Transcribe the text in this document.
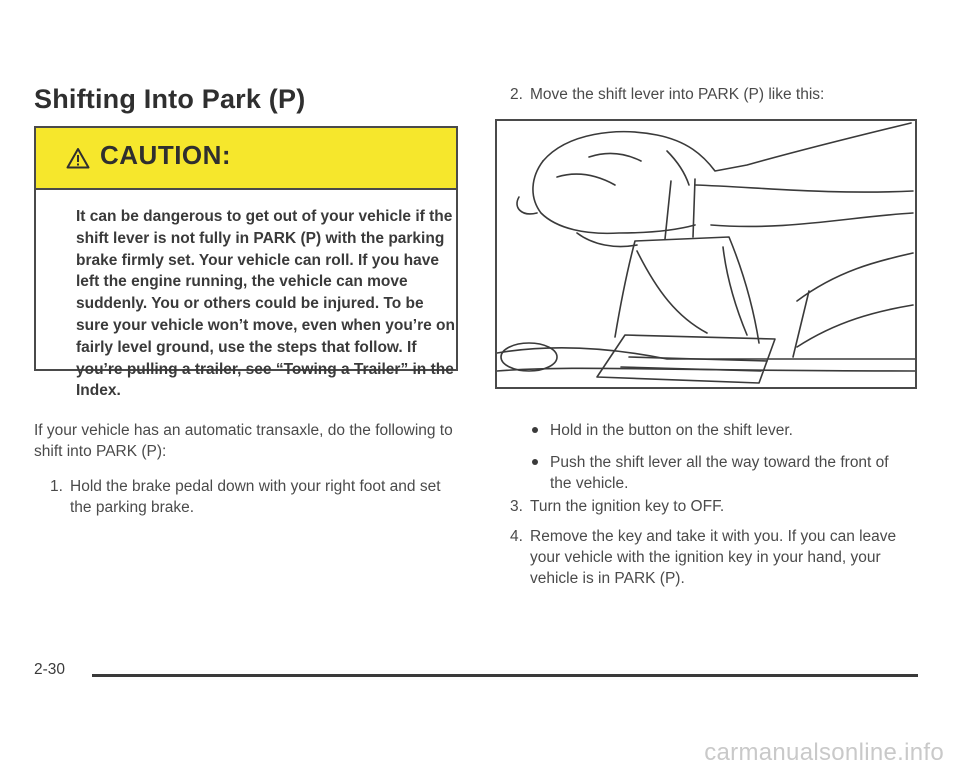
Shifting Into Park (P)
CAUTION:

It can be dangerous to get out of your vehicle if the shift lever is not fully in PARK (P) with the parking brake firmly set. Your vehicle can roll. If you have left the engine running, the vehicle can move suddenly. You or others could be injured. To be sure your vehicle won’t move, even when you’re on fairly level ground, use the steps that follow. If you’re pulling a trailer, see “Towing a Trailer” in the Index.

If your vehicle has an automatic transaxle, do the following to shift into PARK (P):

1. Hold the brake pedal down with your right foot and set the parking brake.
2. Move the shift lever into PARK (P) like this:
Hold in the button on the shift lever.
Push the shift lever all the way toward the front of the vehicle.
3. Turn the ignition key to OFF.
4. Remove the key and take it with you. If you can leave your vehicle with the ignition key in your hand, your vehicle is in PARK (P).
2-30
carmanualsonline.info
